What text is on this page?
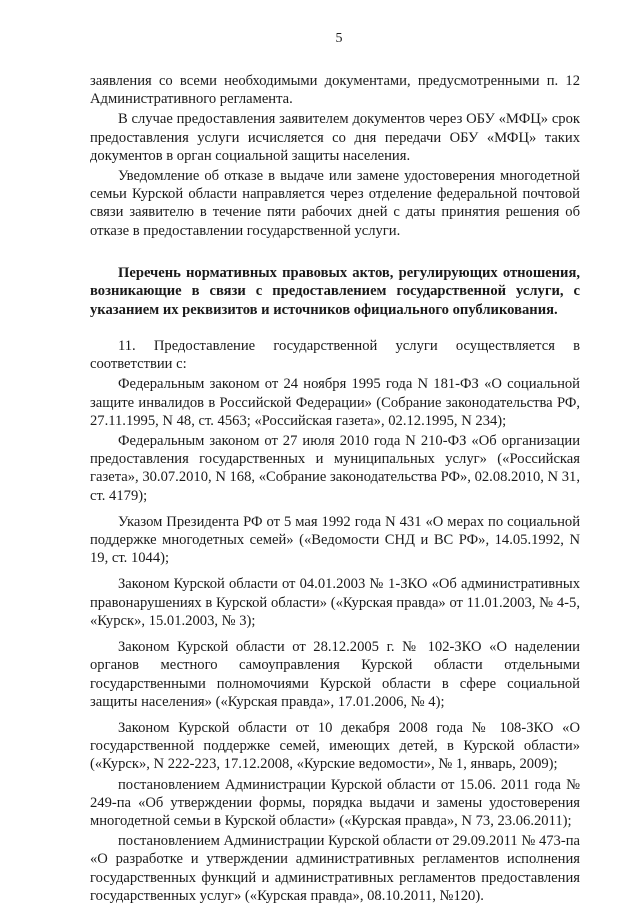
5

заявления со всеми необходимыми документами, предусмотренными п. 12 Административного регламента.

В случае предоставления заявителем документов через ОБУ «МФЦ» срок предоставления услуги исчисляется со дня передачи ОБУ «МФЦ» таких документов в орган социальной защиты населения.

Уведомление об отказе в выдаче или замене удостоверения многодетной семьи Курской области направляется через отделение федеральной почтовой связи заявителю в течение пяти рабочих дней с даты принятия решения об отказе в предоставлении государственной услуги.

Перечень нормативных правовых актов, регулирующих отношения, возникающие в связи с предоставлением государственной услуги, с указанием их реквизитов и источников официального опубликования.

11. Предоставление государственной услуги осуществляется в соответствии с:

Федеральным законом от 24 ноября 1995 года N 181-ФЗ «О социальной защите инвалидов в Российской Федерации» (Собрание законодательства РФ, 27.11.1995, N 48, ст. 4563; «Российская газета», 02.12.1995, N 234);

Федеральным законом от 27 июля 2010 года N 210-ФЗ «Об организации предоставления государственных и муниципальных услуг» («Российская газета», 30.07.2010, N 168, «Собрание законодательства РФ», 02.08.2010, N 31, ст. 4179);

Указом Президента РФ от 5 мая 1992 года N 431 «О мерах по социальной поддержке многодетных семей» («Ведомости СНД и ВС РФ», 14.05.1992, N 19, ст. 1044);

Законом Курской области от 04.01.2003 № 1-ЗКО «Об административных правонарушениях в Курской области» («Курская правда» от 11.01.2003, № 4-5, «Курск», 15.01.2003, № 3);

Законом Курской области от 28.12.2005 г. № 102-ЗКО «О наделении органов местного самоуправления Курской области отдельными государственными полномочиями Курской области в сфере социальной защиты населения» («Курская правда», 17.01.2006, № 4);

Законом Курской области от 10 декабря 2008 года № 108-ЗКО «О государственной поддержке семей, имеющих детей, в Курской области» («Курск», N 222-223, 17.12.2008, «Курские ведомости», № 1, январь, 2009);

постановлением Администрации Курской области от 15.06. 2011 года № 249-па «Об утверждении формы, порядка выдачи и замены удостоверения многодетной семьи в Курской области» («Курская правда», N 73, 23.06.2011);

постановлением Администрации Курской области от 29.09.2011 № 473-па «О разработке и утверждении административных регламентов исполнения государственных функций и административных регламентов предоставления государственных услуг» («Курская правда», 08.10.2011, №120).
